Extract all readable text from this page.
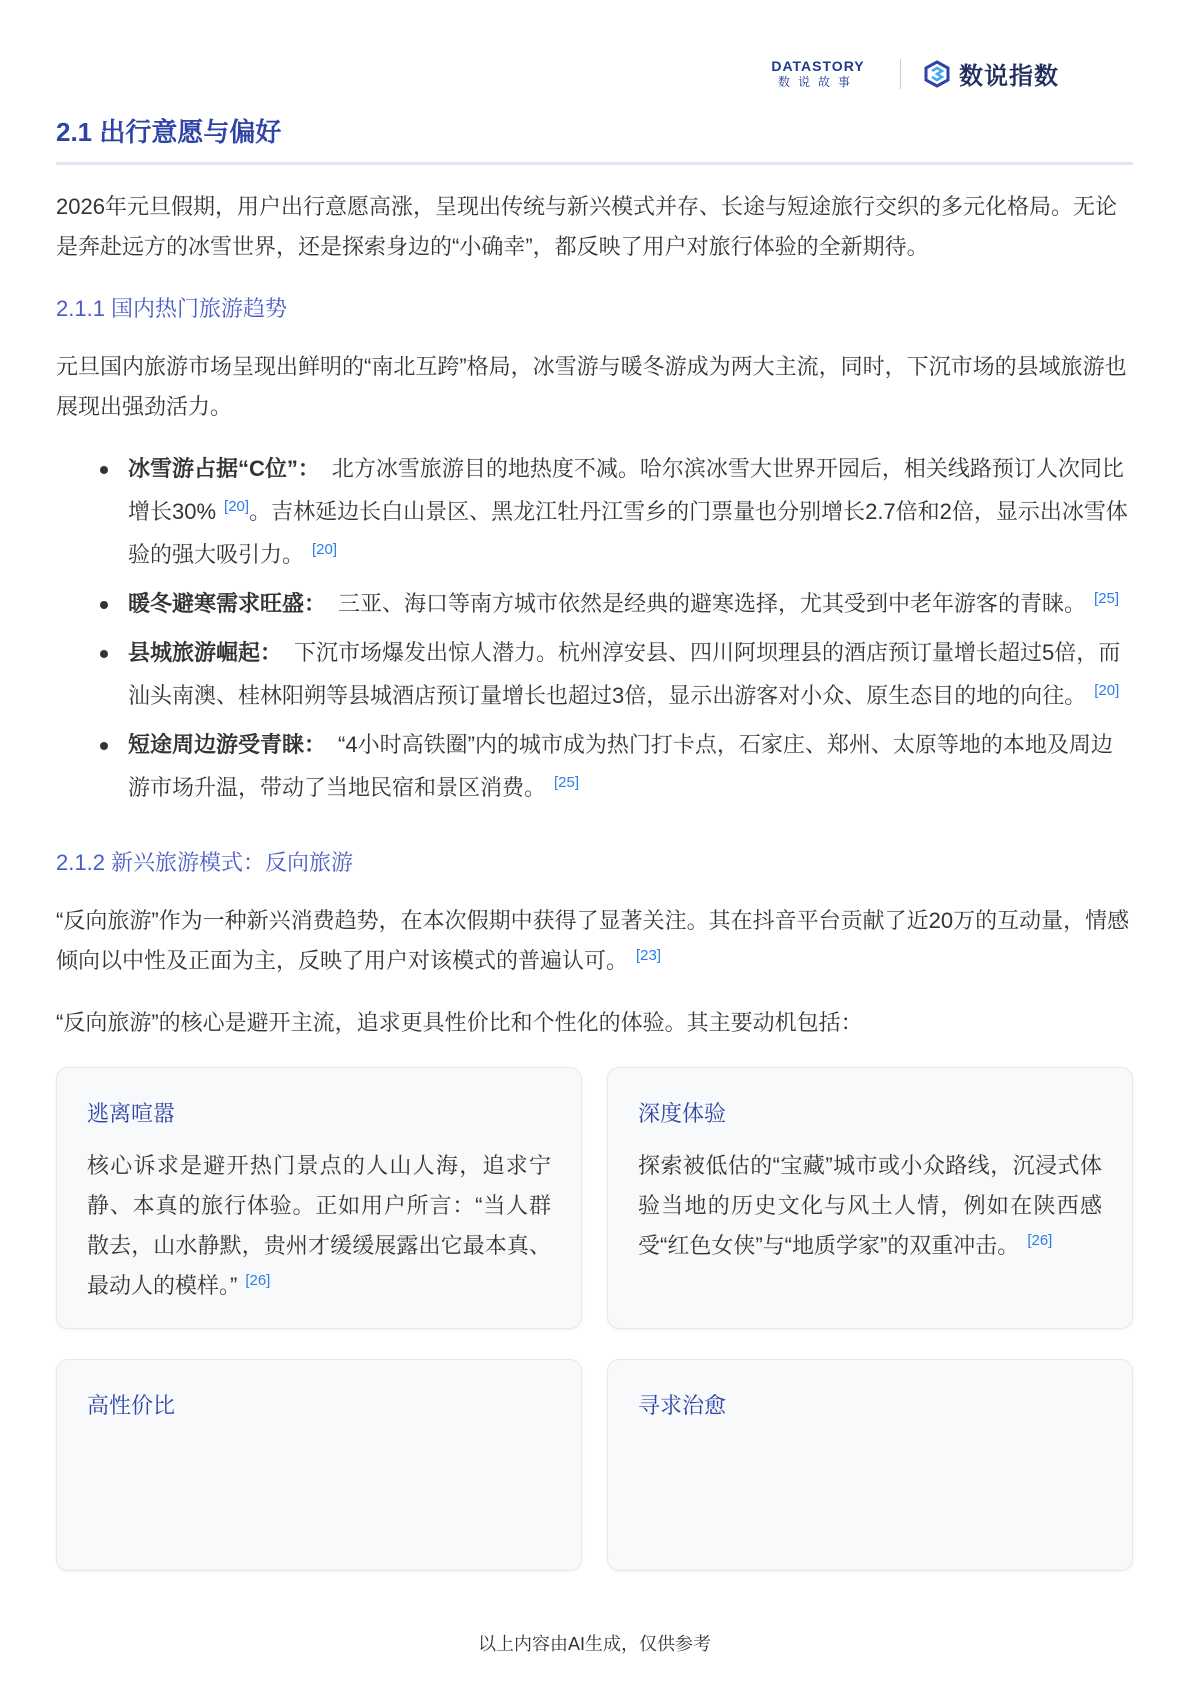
DATASTORY
数说故事	数说指数
2.1 出行意愿与偏好

2026年元旦假期，用户出行意愿高涨，呈现出传统与新兴模式并存、长途与短途旅行交织的多元化格局。无论是奔赴远方的冰雪世界，还是探索身边的“小确幸”，都反映了用户对旅行体验的全新期待。

2.1.1 国内热门旅游趋势

元旦国内旅游市场呈现出鲜明的“南北互跨”格局，冰雪游与暖冬游成为两大主流，同时，下沉市场的县域旅游也展现出强劲活力。

冰雪游占据“C位”： 北方冰雪旅游目的地热度不减。哈尔滨冰雪大世界开园后，相关线路预订人次同比增长30% [20]。吉林延边长白山景区、黑龙江牡丹江雪乡的门票量也分别增长2.7倍和2倍，显示出冰雪体验的强大吸引力。 [20]
暖冬避寒需求旺盛： 三亚、海口等南方城市依然是经典的避寒选择，尤其受到中老年游客的青睐。 [25]
县城旅游崛起： 下沉市场爆发出惊人潜力。杭州淳安县、四川阿坝理县的酒店预订量增长超过5倍，而汕头南澳、桂林阳朔等县城酒店预订量增长也超过3倍，显示出游客对小众、原生态目的地的向往。 [20]
短途周边游受青睐： “4小时高铁圈”内的城市成为热门打卡点，石家庄、郑州、太原等地的本地及周边游市场升温，带动了当地民宿和景区消费。 [25]
2.1.2 新兴旅游模式：反向旅游

“反向旅游”作为一种新兴消费趋势，在本次假期中获得了显著关注。其在抖音平台贡献了近20万的互动量，情感倾向以中性及正面为主，反映了用户对该模式的普遍认可。 [23]

“反向旅游”的核心是避开主流，追求更具性价比和个性化的体验。其主要动机包括：

逃离喧嚣

核心诉求是避开热门景点的人山人海，追求宁静、本真的旅行体验。正如用户所言：“当人群散去，山水静默，贵州才缓缓展露出它最本真、最动人的模样。” [26]

深度体验

探索被低估的“宝藏”城市或小众路线，沉浸式体验当地的历史文化与风土人情，例如在陕西感受“红色女侠”与“地质学家”的双重冲击。 [26]

高性价比	寻求治愈
以上内容由AI生成，仅供参考
